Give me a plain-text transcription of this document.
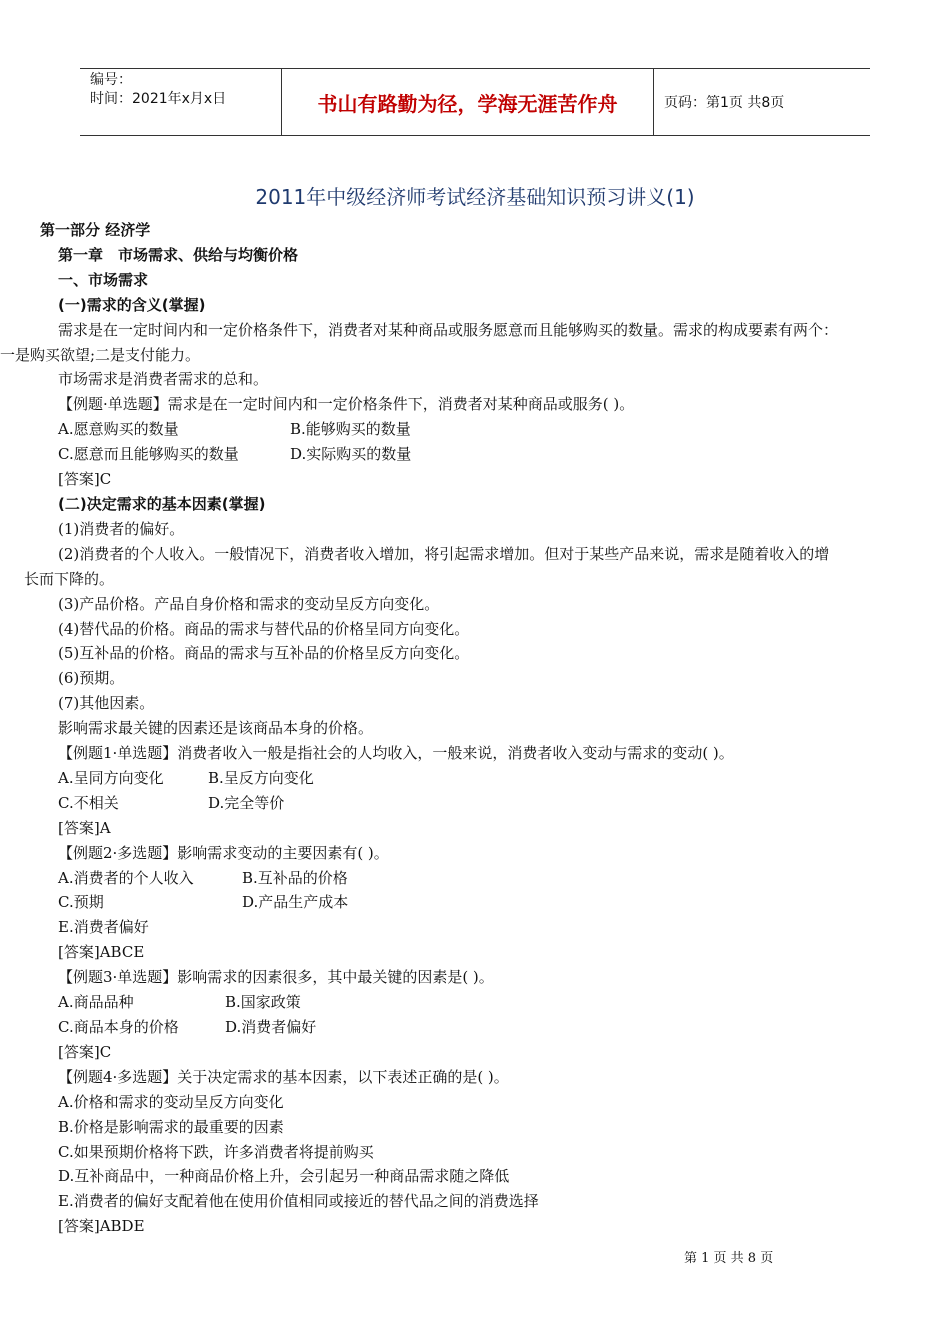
编号：
时间：2021年x月x日	书山有路勤为径，学海无涯苦作舟	页码：第1页 共8页
2011年中级经济师考试经济基础知识预习讲义(1)
第一部分 经济学
第一章　市场需求、供给与均衡价格
一、市场需求
(一)需求的含义(掌握)
需求是在一定时间内和一定价格条件下，消费者对某种商品或服务愿意而且能够购买的数量。需求的构成要素有两个：
一是购买欲望;二是支付能力。
市场需求是消费者需求的总和。
【例题·单选题】需求是在一定时间内和一定价格条件下，消费者对某种商品或服务( )。
A.愿意购买的数量	B.能够购买的数量
C.愿意而且能够购买的数量	D.实际购买的数量
[答案]C
(二)决定需求的基本因素(掌握)
(1)消费者的偏好。
(2)消费者的个人收入。一般情况下，消费者收入增加，将引起需求增加。但对于某些产品来说，需求是随着收入的增
长而下降的。
(3)产品价格。产品自身价格和需求的变动呈反方向变化。
(4)替代品的价格。商品的需求与替代品的价格呈同方向变化。
(5)互补品的价格。商品的需求与互补品的价格呈反方向变化。
(6)预期。
(7)其他因素。
影响需求最关键的因素还是该商品本身的价格。
【例题1·单选题】消费者收入一般是指社会的人均收入，一般来说，消费者收入变动与需求的变动( )。
A.呈同方向变化	B.呈反方向变化
C.不相关	D.完全等价
[答案]A
【例题2·多选题】影响需求变动的主要因素有( )。
A.消费者的个人收入	B.互补品的价格
C.预期	D.产品生产成本
E.消费者偏好
[答案]ABCE
【例题3·单选题】影响需求的因素很多，其中最关键的因素是( )。
A.商品品种	B.国家政策
C.商品本身的价格	D.消费者偏好
[答案]C
【例题4·多选题】关于决定需求的基本因素，以下表述正确的是( )。
A.价格和需求的变动呈反方向变化
B.价格是影响需求的最重要的因素
C.如果预期价格将下跌，许多消费者将提前购买
D.互补商品中，一种商品价格上升，会引起另一种商品需求随之降低
E.消费者的偏好支配着他在使用价值相同或接近的替代品之间的消费选择
[答案]ABDE
第 1 页 共 8 页
